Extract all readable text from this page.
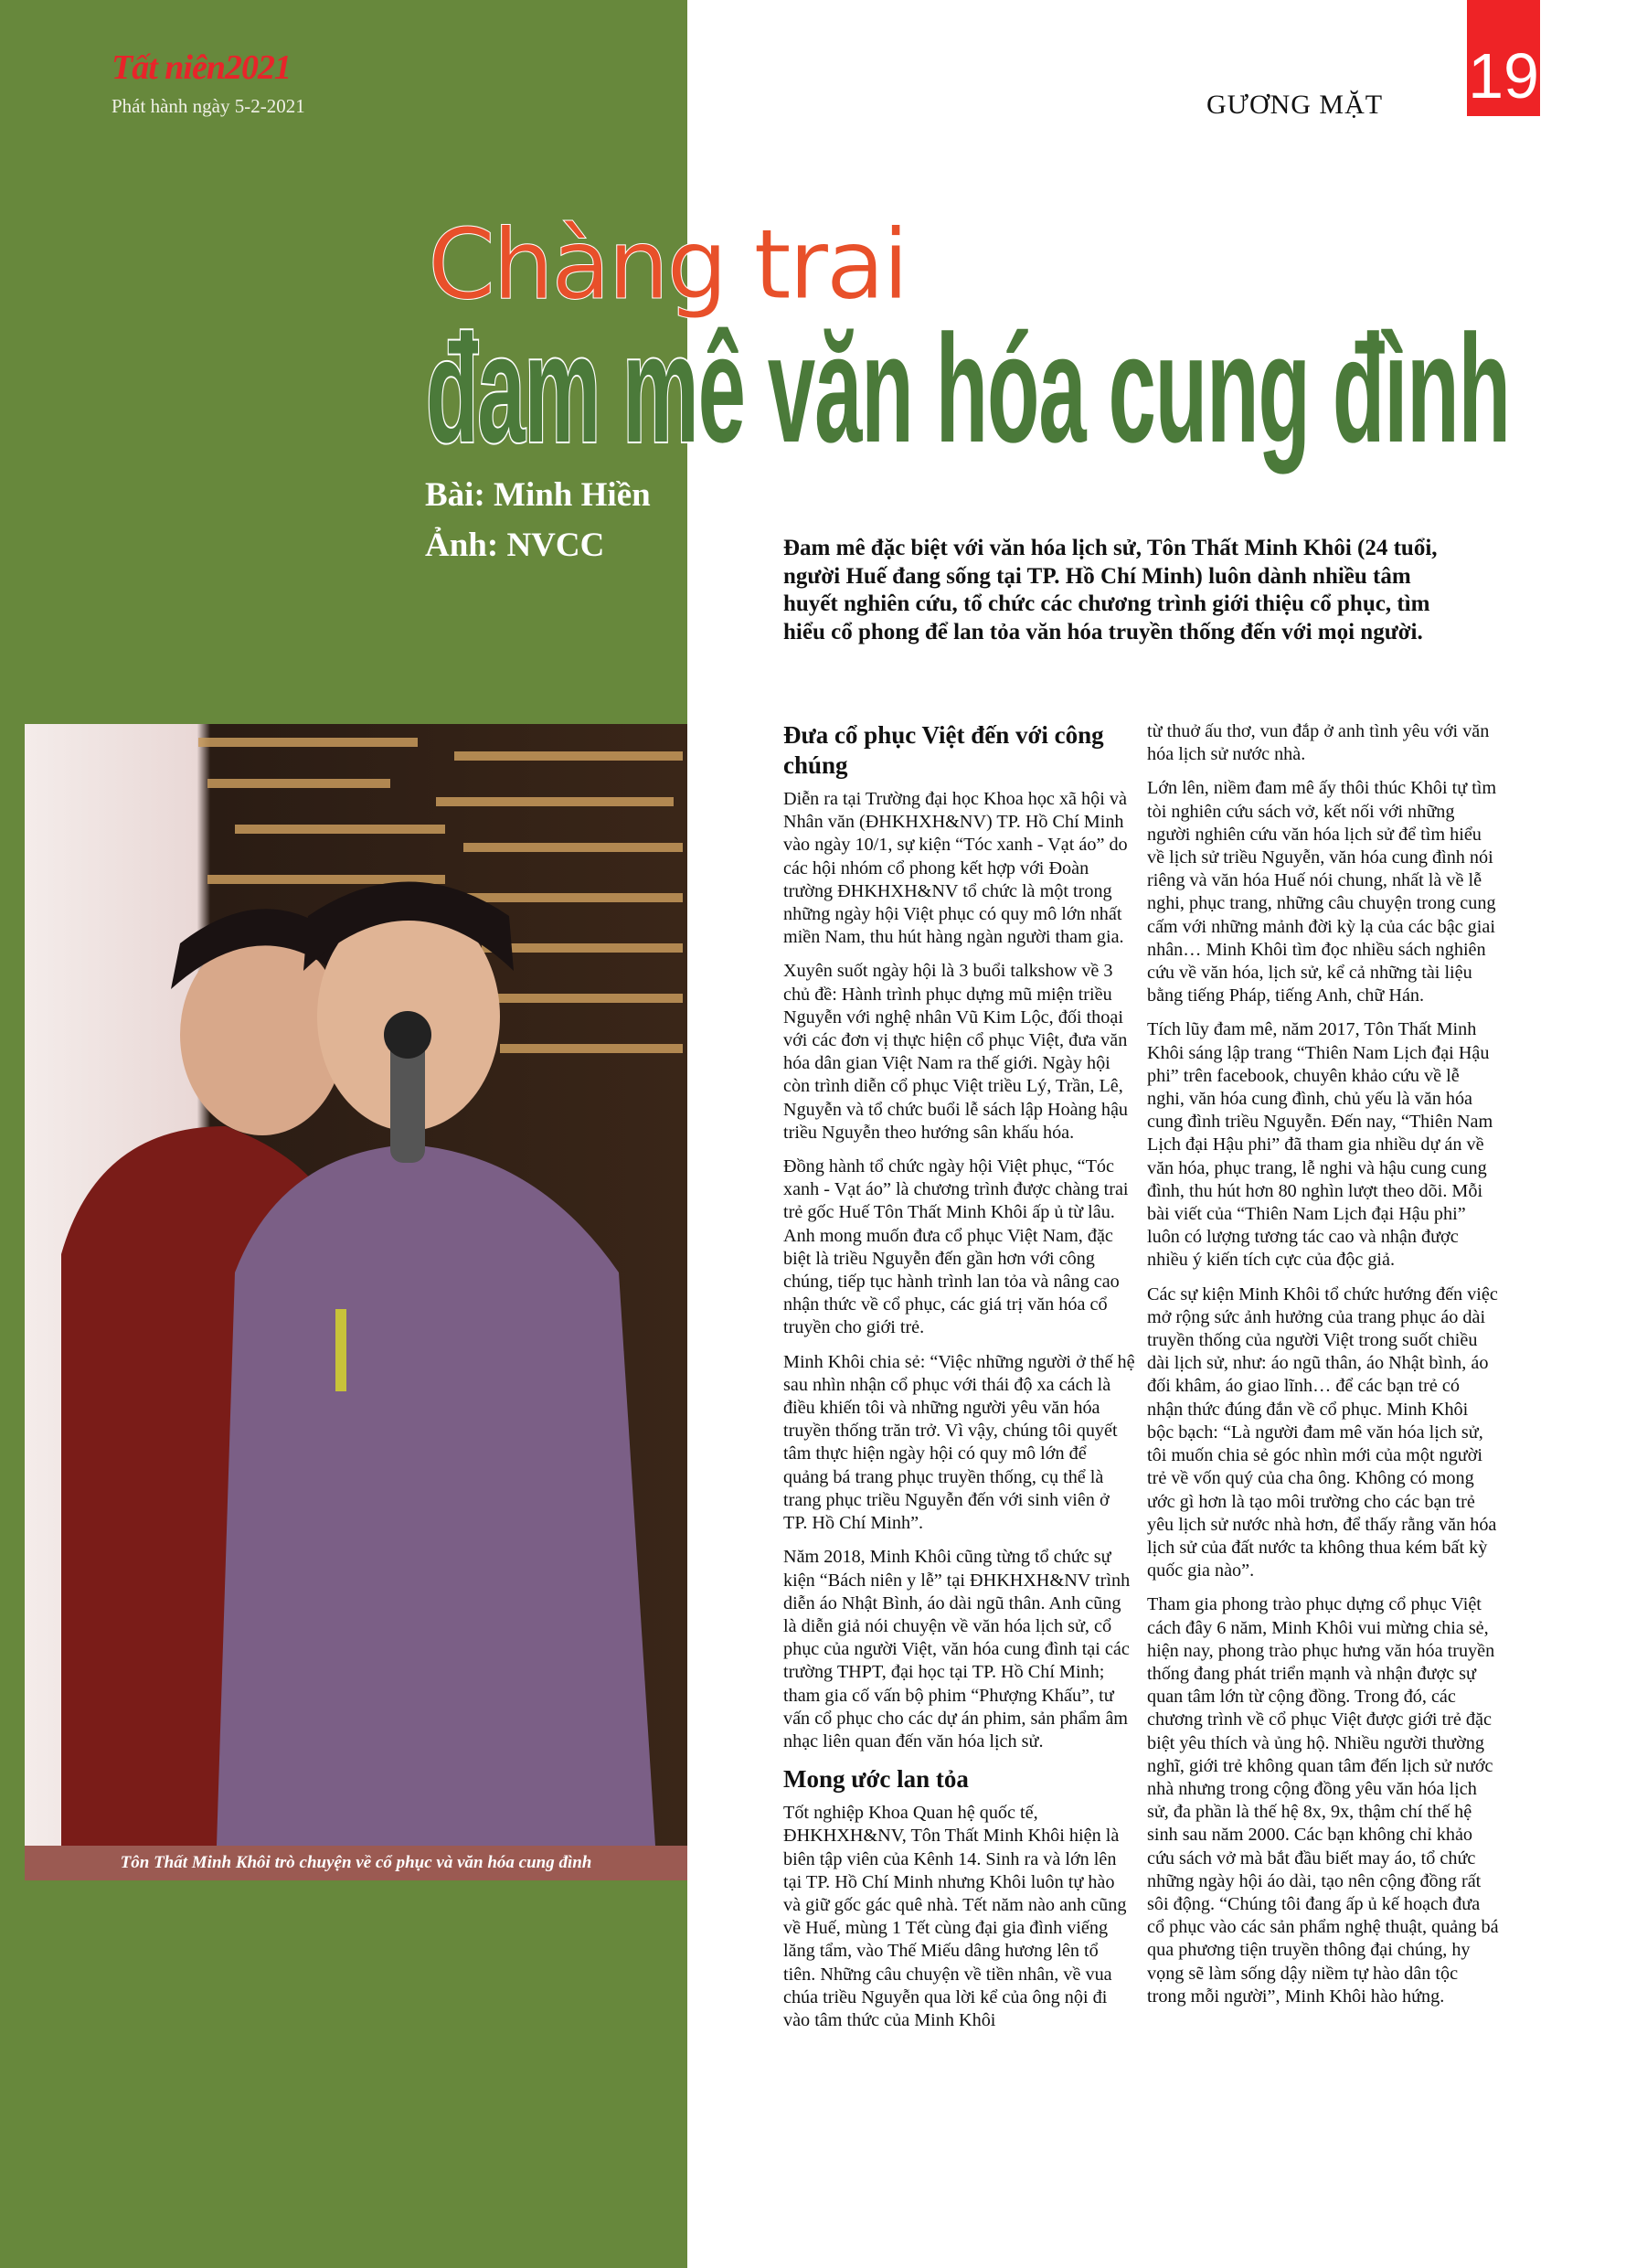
Tất niên2021
Phát hành ngày 5-2-2021	GƯƠNG MẶT 19
Chàng trai
đam mê văn hóa cung đình
Bài: Minh Hiền
Ảnh: NVCC	Đam mê đặc biệt với văn hóa lịch sử, Tôn Thất Minh Khôi (24 tuổi, người Huế đang sống tại TP. Hồ Chí Minh) luôn dành nhiều tâm huyết nghiên cứu, tổ chức các chương trình giới thiệu cổ phục, tìm hiểu cổ phong để lan tỏa văn hóa truyền thống đến với mọi người.
Tôn Thất Minh Khôi trò chuyện về cổ phục và văn hóa cung đình
Đưa cổ phục Việt đến với công chúng

Diễn ra tại Trường đại học Khoa học xã hội và Nhân văn (ĐHKHXH&NV) TP. Hồ Chí Minh vào ngày 10/1, sự kiện “Tóc xanh - Vạt áo” do các hội nhóm cổ phong kết hợp với Đoàn trường ĐHKHXH&NV tổ chức là một trong những ngày hội Việt phục có quy mô lớn nhất miền Nam, thu hút hàng ngàn người tham gia.

Xuyên suốt ngày hội là 3 buổi talkshow về 3 chủ đề: Hành trình phục dựng mũ miện triều Nguyễn với nghệ nhân Vũ Kim Lộc, đối thoại với các đơn vị thực hiện cổ phục Việt, đưa văn hóa dân gian Việt Nam ra thế giới. Ngày hội còn trình diễn cổ phục Việt triều Lý, Trần, Lê, Nguyễn và tổ chức buổi lễ sách lập Hoàng hậu triều Nguyễn theo hướng sân khấu hóa.

Đồng hành tổ chức ngày hội Việt phục, “Tóc xanh - Vạt áo” là chương trình được chàng trai trẻ gốc Huế Tôn Thất Minh Khôi ấp ủ từ lâu. Anh mong muốn đưa cổ phục Việt Nam, đặc biệt là triều Nguyễn đến gần hơn với công chúng, tiếp tục hành trình lan tỏa và nâng cao nhận thức về cổ phục, các giá trị văn hóa cổ truyền cho giới trẻ.

Minh Khôi chia sẻ: “Việc những người ở thế hệ sau nhìn nhận cổ phục với thái độ xa cách là điều khiến tôi và những người yêu văn hóa truyền thống trăn trở. Vì vậy, chúng tôi quyết tâm thực hiện ngày hội có quy mô lớn để quảng bá trang phục truyền thống, cụ thể là trang phục triều Nguyễn đến với sinh viên ở TP. Hồ Chí Minh”.

Năm 2018, Minh Khôi cũng từng tổ chức sự kiện “Bách niên y lễ” tại ĐHKHXH&NV trình diễn áo Nhật Bình, áo dài ngũ thân. Anh cũng là diễn giả nói chuyện về văn hóa lịch sử, cổ phục của người Việt, văn hóa cung đình tại các trường THPT, đại học tại TP. Hồ Chí Minh; tham gia cố vấn bộ phim “Phượng Khấu”, tư vấn cổ phục cho các dự án phim, sản phẩm âm nhạc liên quan đến văn hóa lịch sử.

Mong ước lan tỏa

Tốt nghiệp Khoa Quan hệ quốc tế, ĐHKHXH&NV, Tôn Thất Minh Khôi hiện là biên tập viên của Kênh 14. Sinh ra và lớn lên tại TP. Hồ Chí Minh nhưng Khôi luôn tự hào và giữ gốc gác quê nhà. Tết năm nào anh cũng về Huế, mùng 1 Tết cùng đại gia đình viếng lăng tẩm, vào Thế Miếu dâng hương lên tổ tiên. Những câu chuyện về tiền nhân, về vua chúa triều Nguyễn qua lời kể của ông nội đi vào tâm thức của Minh Khôi

từ thuở ấu thơ, vun đắp ở anh tình yêu với văn hóa lịch sử nước nhà.

Lớn lên, niềm đam mê ấy thôi thúc Khôi tự tìm tòi nghiên cứu sách vở, kết nối với những người nghiên cứu văn hóa lịch sử để tìm hiểu về lịch sử triều Nguyễn, văn hóa cung đình nói riêng và văn hóa Huế nói chung, nhất là về lễ nghi, phục trang, những câu chuyện trong cung cấm với những mảnh đời kỳ lạ của các bậc giai nhân… Minh Khôi tìm đọc nhiều sách nghiên cứu về văn hóa, lịch sử, kể cả những tài liệu bằng tiếng Pháp, tiếng Anh, chữ Hán.

Tích lũy đam mê, năm 2017, Tôn Thất Minh Khôi sáng lập trang “Thiên Nam Lịch đại Hậu phi” trên facebook, chuyên khảo cứu về lễ nghi, văn hóa cung đình, chủ yếu là văn hóa cung đình triều Nguyễn. Đến nay, “Thiên Nam Lịch đại Hậu phi” đã tham gia nhiều dự án về văn hóa, phục trang, lễ nghi và hậu cung cung đình, thu hút hơn 80 nghìn lượt theo dõi. Mỗi bài viết của “Thiên Nam Lịch đại Hậu phi” luôn có lượng tương tác cao và nhận được nhiều ý kiến tích cực của độc giả.

Các sự kiện Minh Khôi tổ chức hướng đến việc mở rộng sức ảnh hưởng của trang phục áo dài truyền thống của người Việt trong suốt chiều dài lịch sử, như: áo ngũ thân, áo Nhật bình, áo đối khâm, áo giao lĩnh… để các bạn trẻ có nhận thức đúng đắn về cổ phục. Minh Khôi bộc bạch: “Là người đam mê văn hóa lịch sử, tôi muốn chia sẻ góc nhìn mới của một người trẻ về vốn quý của cha ông. Không có mong ước gì hơn là tạo môi trường cho các bạn trẻ yêu lịch sử nước nhà hơn, để thấy rằng văn hóa lịch sử của đất nước ta không thua kém bất kỳ quốc gia nào”.

Tham gia phong trào phục dựng cổ phục Việt cách đây 6 năm, Minh Khôi vui mừng chia sẻ, hiện nay, phong trào phục hưng văn hóa truyền thống đang phát triển mạnh và nhận được sự quan tâm lớn từ cộng đồng. Trong đó, các chương trình về cổ phục Việt được giới trẻ đặc biệt yêu thích và ủng hộ. Nhiều người thường nghĩ, giới trẻ không quan tâm đến lịch sử nước nhà nhưng trong cộng đồng yêu văn hóa lịch sử, đa phần là thế hệ 8x, 9x, thậm chí thế hệ sinh sau năm 2000. Các bạn không chỉ khảo cứu sách vở mà bắt đầu biết may áo, tổ chức những ngày hội áo dài, tạo nên cộng đồng rất sôi động. “Chúng tôi đang ấp ủ kế hoạch đưa cổ phục vào các sản phẩm nghệ thuật, quảng bá qua phương tiện truyền thông đại chúng, hy vọng sẽ làm sống dậy niềm tự hào dân tộc trong mỗi người”, Minh Khôi hào hứng.
